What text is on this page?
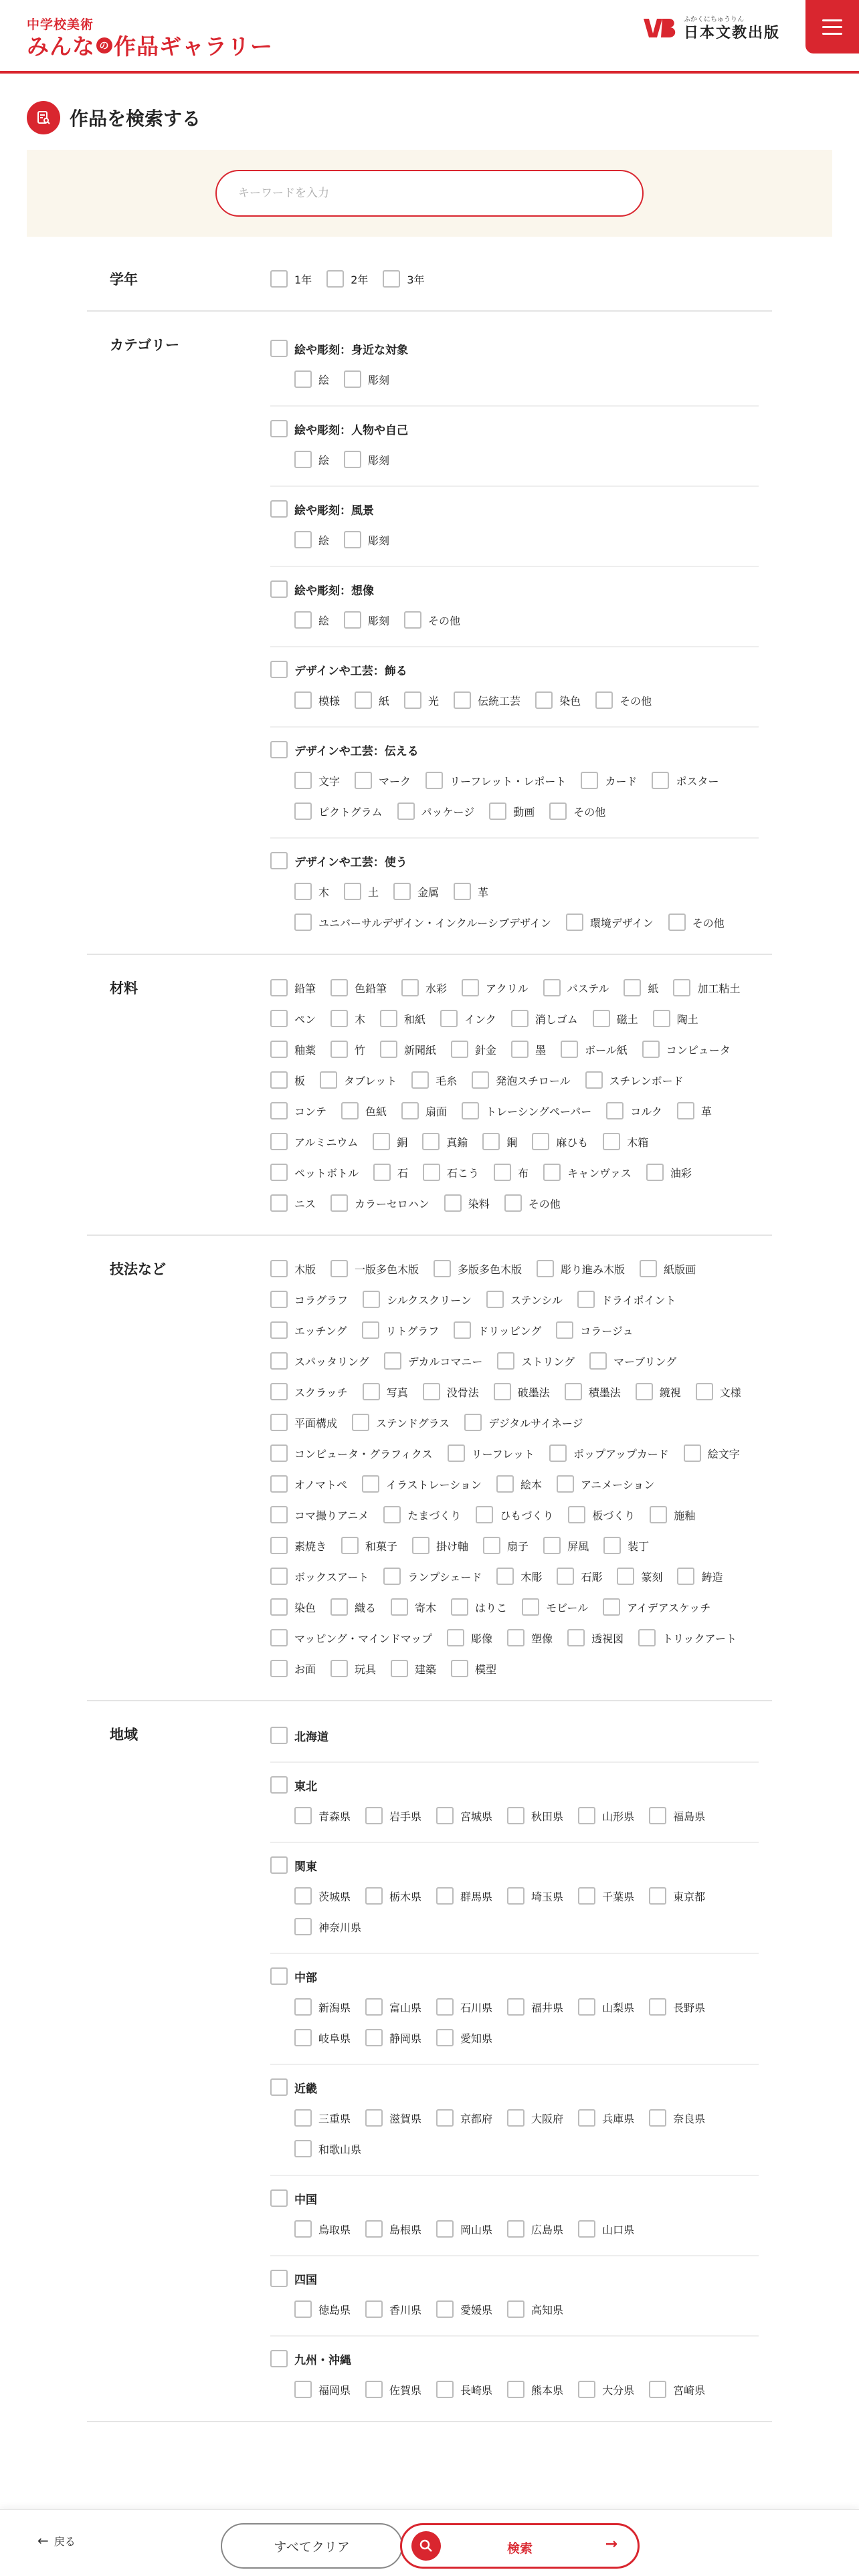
中学校美術
みんな の 作品ギャラリー
ふかくにちゅうりん
日本文教出版
作品を検索する
キーワードを入力
学年	1年	2年	3年
カテゴリー	絵や彫刻：身近な対象
絵	彫刻
絵や彫刻：人物や自己
絵	彫刻
絵や彫刻：風景
絵	彫刻
絵や彫刻：想像
絵	彫刻	その他
デザインや工芸：飾る
模様	紙	光	伝統工芸	染色	その他
デザインや工芸：伝える
文字	マーク	リーフレット・レポート	カード	ポスター
ピクトグラム	パッケージ	動画	その他
デザインや工芸：使う
木	土	金属	革
ユニバーサルデザイン・インクルーシブデザイン	環境デザイン	その他
材料	鉛筆	色鉛筆	水彩	アクリル	パステル	紙	加工粘土
ペン	木	和紙	インク	消しゴム	磁土	陶土
釉薬	竹	新聞紙	針金	墨	ボール紙	コンピュータ
板	タブレット	毛糸	発泡スチロール	スチレンボード
コンテ	色紙	扇面	トレーシングペーパー	コルク	革
アルミニウム	銅	真鍮	鋼	麻ひも	木箱
ペットボトル	石	石こう	布	キャンヴァス	油彩
ニス	カラーセロハン	染料	その他
技法など	木版	一版多色木版	多版多色木版	彫り進み木版	紙版画
コラグラフ	シルクスクリーン	ステンシル	ドライポイント
エッチング	リトグラフ	ドリッピング	コラージュ
スパッタリング	デカルコマニー	ストリング	マーブリング
スクラッチ	写真	没骨法	破墨法	積墨法	鏡視	文様
平面構成	ステンドグラス	デジタルサイネージ
コンピュータ・グラフィクス	リーフレット	ポップアップカード	絵文字
オノマトペ	イラストレーション	絵本	アニメーション
コマ撮りアニメ	たまづくり	ひもづくり	板づくり	施釉
素焼き	和菓子	掛け軸	扇子	屏風	装丁
ボックスアート	ランプシェード	木彫	石彫	篆刻	鋳造
染色	織る	寄木	はりこ	モビール	アイデアスケッチ
マッピング・マインドマップ	彫像	塑像	透視図	トリックアート
お面	玩具	建築	模型
地域	北海道
東北
青森県	岩手県	宮城県	秋田県	山形県	福島県
関東
茨城県	栃木県	群馬県	埼玉県	千葉県	東京都
神奈川県
中部
新潟県	富山県	石川県	福井県	山梨県	長野県
岐阜県	静岡県	愛知県
近畿
三重県	滋賀県	京都府	大阪府	兵庫県	奈良県
和歌山県
中国
鳥取県	島根県	岡山県	広島県	山口県
四国
徳島県	香川県	愛媛県	高知県
九州・沖縄
福岡県	佐賀県	長崎県	熊本県	大分県	宮崎県
← 戻る	すべてクリア	検索	→
